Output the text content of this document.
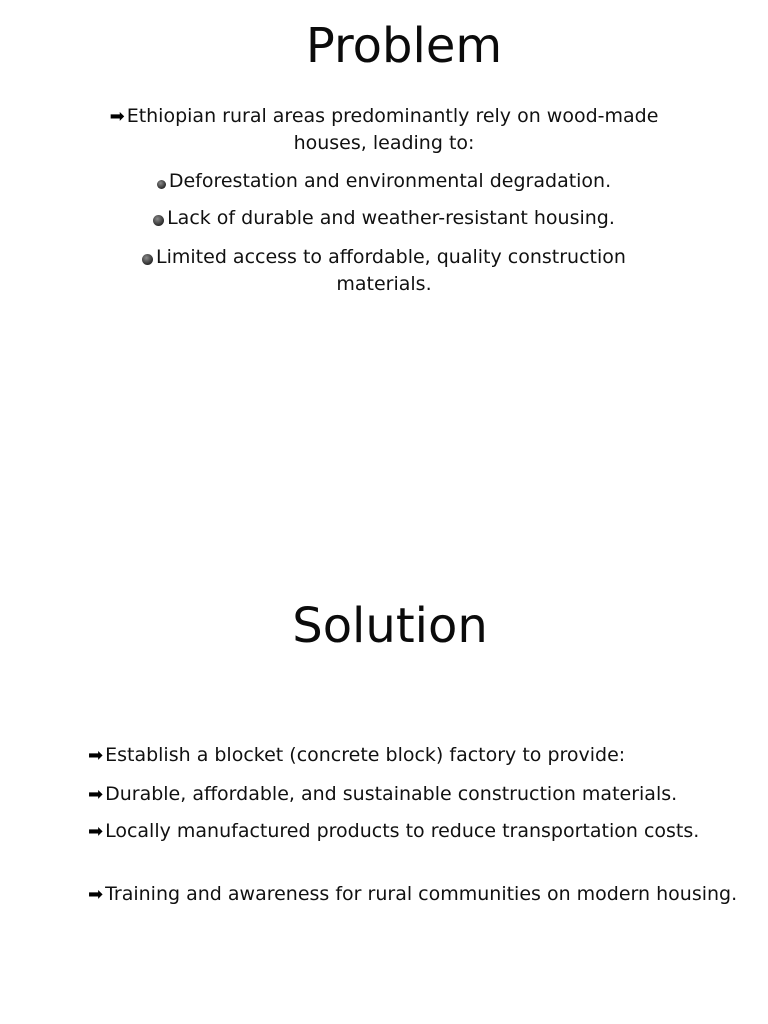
Problem
➡ Ethiopian rural areas predominantly rely on wood-made houses, leading to:
Deforestation and environmental degradation.
Lack of durable and weather-resistant housing.
Limited access to affordable, quality construction materials.
Solution
➡ Establish a blocket (concrete block) factory to provide:
➡ Durable, affordable, and sustainable construction materials.
➡ Locally manufactured products to reduce transportation costs.
➡ Training and awareness for rural communities on modern housing.
